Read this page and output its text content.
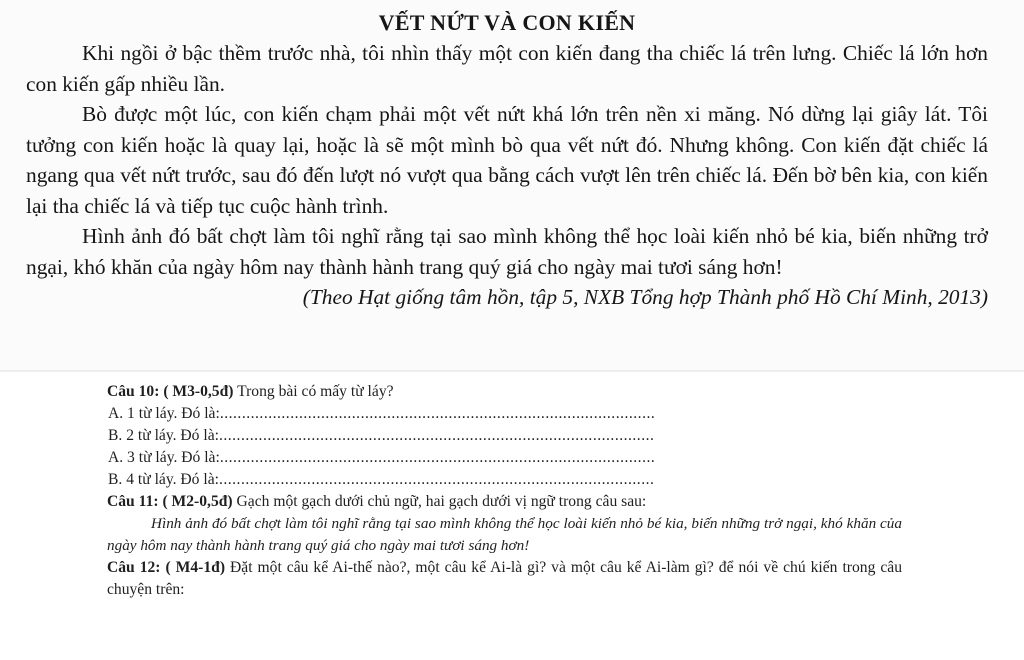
VẾT NỨT VÀ CON KIẾN

Khi ngồi ở bậc thềm trước nhà, tôi nhìn thấy một con kiến đang tha chiếc lá trên lưng. Chiếc lá lớn hơn con kiến gấp nhiều lần.

Bò được một lúc, con kiến chạm phải một vết nứt khá lớn trên nền xi măng. Nó dừng lại giây lát. Tôi tưởng con kiến hoặc là quay lại, hoặc là sẽ một mình bò qua vết nứt đó. Nhưng không. Con kiến đặt chiếc lá ngang qua vết nứt trước, sau đó đến lượt nó vượt qua bằng cách vượt lên trên chiếc lá. Đến bờ bên kia, con kiến lại tha chiếc lá và tiếp tục cuộc hành trình.

Hình ảnh đó bất chợt làm tôi nghĩ rằng tại sao mình không thể học loài kiến nhỏ bé kia, biến những trở ngại, khó khăn của ngày hôm nay thành hành trang quý giá cho ngày mai tươi sáng hơn!

(Theo Hạt giống tâm hồn, tập 5, NXB Tổng hợp Thành phố Hồ Chí Minh, 2013)

Câu 10: ( M3-0,5đ) Trong bài có mấy từ láy?

A. 1 từ láy. Đó là:...................................................................................................

B. 2 từ láy. Đó là:...................................................................................................

A. 3 từ láy. Đó là:...................................................................................................

B. 4 từ láy. Đó là:...................................................................................................

Câu 11: ( M2-0,5đ) Gạch một gạch dưới chủ ngữ, hai gạch dưới vị ngữ trong câu sau:

Hình ảnh đó bất chợt làm tôi nghĩ rằng tại sao mình không thể học loài kiến nhỏ bé kia, biến những trở ngại, khó khăn của ngày hôm nay thành hành trang quý giá cho ngày mai tươi sáng hơn!

Câu 12: ( M4-1đ) Đặt một câu kể Ai-thế nào?, một câu kể Ai-là gì? và một câu kể Ai-làm gì? để nói về chú kiến trong câu chuyện trên:
